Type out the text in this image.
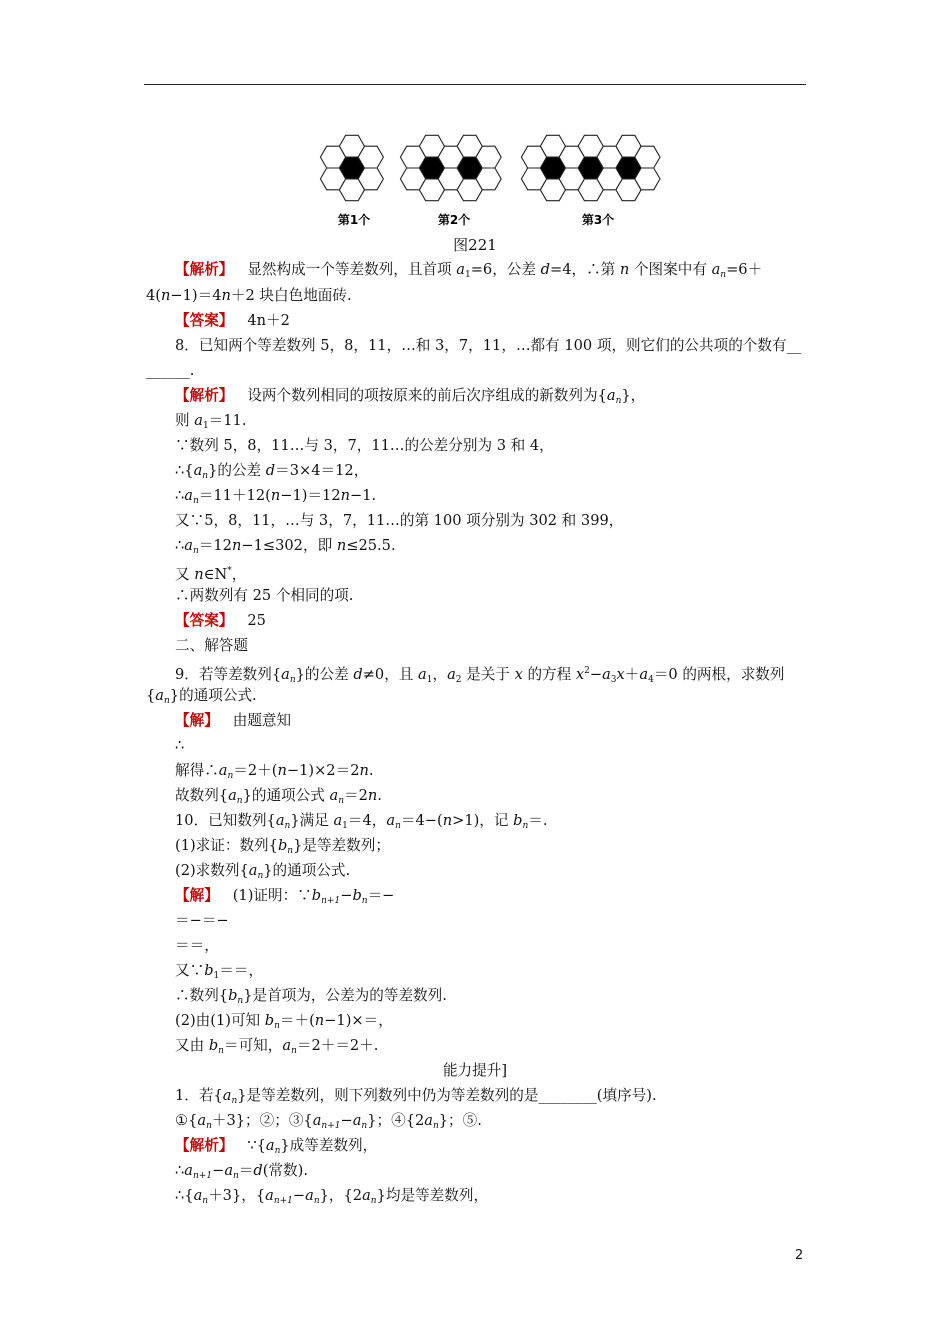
第1个	第2个	第3个
图221
【解析】 显然构成一个等差数列，且首项 $a_1=6$，公差 d=4，∴第 n 个图案中有 $a_n=6+$
4(n−1)＝4n＋2 块白色地面砖.
【答案】 4n＋2
8．已知两个等差数列 5，8，11，…和 3，7，11，…都有 100 项，则它们的公共项的个数有__
______.
【解析】 设两个数列相同的项按原来的前后次序组成的新数列为$\{a_n\}$，
则 $a_1=11$.
∵数列 5，8，11…与 3，7，11…的公差分别为 3 和 4，
$\therefore\{a_n\}$的公差 d＝3×4＝12，
$\therefore a_n=11+12(n-1)=12n-1$.
又∵5，8，11，…与 3，7，11…的第 100 项分别为 302 和 399，
$\therefore a_n=12n-1\le 302$，即 n≤25.5.
又 n∈N*，
∴两数列有 25 个相同的项.
【答案】 25
二、解答题
9．若等差数列$\{a_n\}$的公差 d≠0，且 $a_1$，$a_2$ 是关于 x 的方程 $x^2-a_3x+a_4=0$ 的两根，求数列
$\{a_n\}$的通项公式.
【解】 由题意知
∴
解得$\therefore a_n=2+(n-1)\times 2=2n$.
故数列$\{a_n\}$的通项公式 $a_n=2n$.
10．已知数列$\{a_n\}$满足 $a_1=4$，$a_n=4-(n>1)$，记 $b_n=$.
(1)求证：数列$\{b_n\}$是等差数列；
(2)求数列$\{a_n\}$的通项公式.
【解】 (1)证明：$\because b_{n+1}-b_n=-$
＝−＝−
＝＝，
又$\because b_1==$，
∴数列$\{b_n\}$是首项为，公差为的等差数列.
(2)由(1)可知 $b_n=+(n-1)\times=$，
又由 $b_n=$可知，$a_n=2+=2+$.
能力提升]
1．若$\{a_n\}$是等差数列，则下列数列中仍为等差数列的是________(填序号).
$①\{a_n+3\}$；②；$③\{a_{n+1}-a_n\}$；$④\{2a_n\}$；⑤.
【解析】 $\because\{a_n\}$成等差数列，
$\therefore a_{n+1}-a_n=d$(常数).
$\therefore\{a_n+3\}$，$\{a_{n+1}-a_n\}$，$\{2a_n\}$均是等差数列，
2
